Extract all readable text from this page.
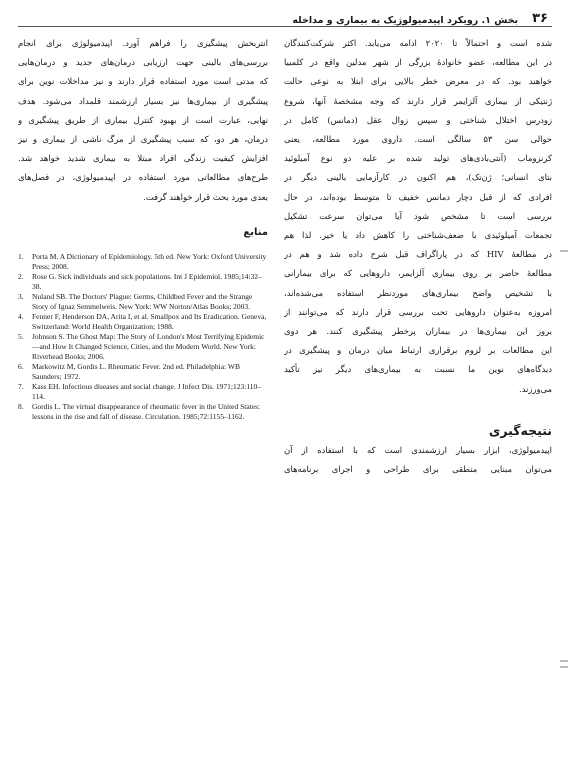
بخش ۱. رویکرد اپیدمیولوژیک به بیماری و مداخله ۳۶

شده است و احتمالاً تا ۲۰۲۰ ادامه می‌یابد. اکثر شرکت‌کنندگان

در این مطالعه، عضو خانوادهٔ بزرگی از شهر مدلین واقع در کلمبیا

خواهند بود. که در معرض خطر بالایی برای ابتلا به نوعی حالت

ژنتیکی از بیماری آلزایمر قرار دارند که وجه مشخصهٔ آنها، شروع

زودرس اختلال شناختی و سپس زوال عقل (دمانس) کامل در

حوالی سن ۵۳ سالگی است. داروی مورد مطالعه، یعنی

کرنزوماب (آنتی‌بادی‌های تولید شده بر علیه دو نوع آمیلوئید

بتای انسانی؛ ژن‌تک)، هم اکنون در کارآزمایی بالینی دیگر در

افرادی که از قبل دچار دمانس خفیف تا متوسط بوده‌اند، در حال

بررسی است تا مشخص شود آیا می‌توان سرعت تشکیل

تجمعات آمیلوئیدی با ضعف‌شناختی را کاهش داد یا خیر. لذا هم

در مطالعهٔ HIV که در پاراگراف قبل شرح داده شد و هم در

مطالعهٔ حاضر بر روی بیماری آلزایمر، داروهایی که برای بیمارانی

با تشخیص واضح بیماری‌های موردنظر استفاده می‌شده‌اند،

امروزه به‌عنوان داروهایی تحت بررسی قرار دارند که می‌توانند از

بروز این بیماری‌ها در بیماران پرخطر پیشگیری کنند. هر دوی

این مطالعات بر لزوم برقراری ارتباط میان درمان و پیشگیری در

دیدگاه‌های نوین ما نسبت به بیماری‌های دیگر نیز تأکید

می‌ورزند.

نتیجه‌گیری

اپیدمیولوژی، ابزار بسیار ارزشمندی است که با استفاده از آن

می‌توان مبنایی منطقی برای طراحی و اجرای برنامه‌های

انتربخش پیشگیری را فراهم آورد. اپیدمیولوژی برای انجام

بررسی‌های بالینی جهت ارزیابی درمان‌های جدید و درمان‌هایی

که مدتی است مورد استفاده قرار دارند و نیز مداخلات نوین برای

پیشگیری از بیماری‌ها نیز بسیار ارزشمند قلمداد می‌شود. هدف

نهایی، عبارت است از بهبود کنترل بیماری از طریق پیشگیری و

درمان، هر دو، که سبب پیشگیری از مرگ ناشی از بیماری و نیز

افزایش کیفیت زندگی افراد مبتلا به بیماری شدید خواهد شد.

طرح‌های مطالعاتی مورد استفاده در اپیدمیولوژی، در فصل‌های

بعدی مورد بحث قرار خواهند گرفت.

منابع
1.	Porta M. A Dictionary of Epidemiology. 5th ed. New York: Oxford University Press; 2008.
2.	Rose G. Sick individuals and sick populations. Int J Epidemiol. 1985;14:32–38.
3.	Nuland SB. The Doctors' Plague: Germs, Childbed Fever and the Strange Story of Ignaz Semmelweis. New York: WW Norton/Atlas Books; 2003.
4.	Fenner F, Henderson DA, Arita I, et al. Smallpox and Its Eradication. Geneva, Switzerland: World Health Organization; 1988.
5.	Johnson S. The Ghost Map: The Story of London's Most Terrifying Epidemic—and How It Changed Science, Cities, and the Modern World. New York: Riverhead Books; 2006.
6.	Markowitz M, Gordis L. Rheumatic Fever. 2nd ed. Philadelphia: WB Saunders; 1972.
7.	Kass EH. Infectious diseases and social change. J Infect Dis. 1971;123:110–114.
8.	Gordis L. The virtual disappearance of rheumatic fever in the United States: lessons in the rise and fall of disease. Circulation. 1985;72:1155–1162.
